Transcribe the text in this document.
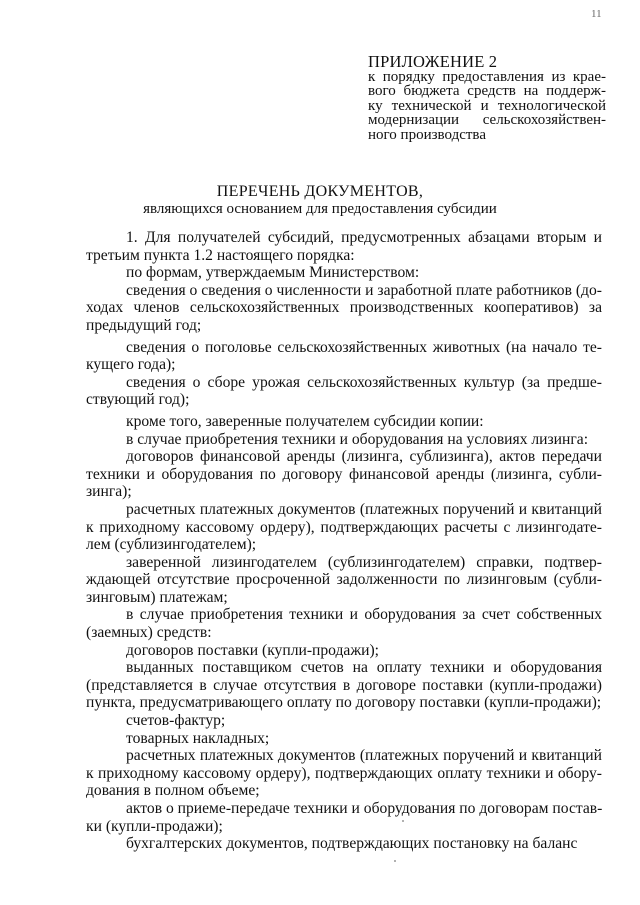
11
ПРИЛОЖЕНИЕ 2
к порядку предоставления из крае-
вого бюджета средств на поддерж-
ку технической и технологической
модернизации сельскохозяйствен-
ного производства
ПЕРЕЧЕНЬ ДОКУМЕНТОВ,
являющихся основанием для предоставления субсидии
1. Для получателей субсидий, предусмотренных абзацами вторым и
третьим пункта 1.2 настоящего порядка:
по формам, утверждаемым Министерством:
сведения о сведения о численности и заработной плате работников (до-
ходах членов сельскохозяйственных производственных кооперативов) за
предыдущий год;
сведения о поголовье сельскохозяйственных животных (на начало те-
кущего года);
сведения о сборе урожая сельскохозяйственных культур (за предше-
ствующий год);
кроме того, заверенные получателем субсидии копии:
в случае приобретения техники и оборудования на условиях лизинга:
договоров финансовой аренды (лизинга, сублизинга), актов передачи
техники и оборудования по договору финансовой аренды (лизинга, субли-
зинга);
расчетных платежных документов (платежных поручений и квитанций
к приходному кассовому ордеру), подтверждающих расчеты с лизингодате-
лем (сублизингодателем);
заверенной лизингодателем (сублизингодателем) справки, подтвер-
ждающей отсутствие просроченной задолженности по лизинговым (субли-
зинговым) платежам;
в случае приобретения техники и оборудования за счет собственных
(заемных) средств:
договоров поставки (купли-продажи);
выданных поставщиком счетов на оплату техники и оборудования
(представляется в случае отсутствия в договоре поставки (купли-продажи)
пункта, предусматривающего оплату по договору поставки (купли-продажи);
счетов-фактур;
товарных накладных;
расчетных платежных документов (платежных поручений и квитанций
к приходному кассовому ордеру), подтверждающих оплату техники и обору-
дования в полном объеме;
актов о приеме-передаче техники и оборудования по договорам постав-
ки (купли-продажи);
бухгалтерских документов, подтверждающих постановку на баланс
